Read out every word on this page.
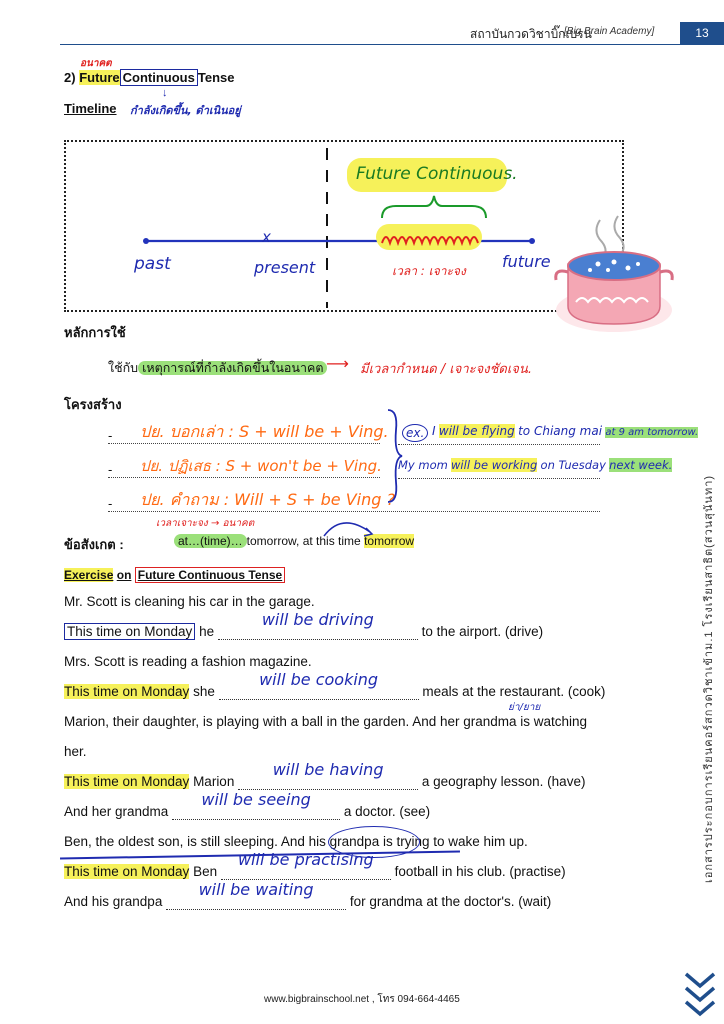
สถาบันกวดวิชาบิ๊กเบรน
[Big Brain Academy]	13
อนาคต
2) Future Continuous Tense
↓
กำลังเกิดขึ้น, ดำเนินอยู่
Timeline
Future Continuous.
x
past	present	เวลา : เจาะจง future
หลักการใช้
ใช้กับ เหตุการณ์ที่กำลังเกิดขึ้นในอนาคต ⟶ มีเวลากำหนด / เจาะจงชัดเจน.
โครงสร้าง
- ปย. บอกเล่า : S + will be + Ving.
- ปย. ปฏิเสธ : S + won't be + Ving.
- ปย. คำถาม : Will + S + be Ving ?
ex. I will be flying to Chiang mai at 9 am tomorrow.
My mom will be working on Tuesday next week.
เวลาเจาะจง → อนาคต
ข้อสังเกต :	at…(time)… tomorrow, at this time tomorrow
Exercise on Future Continuous Tense
Mr. Scott is cleaning his car in the garage.
This time on Monday he
will be driving
to the airport. (drive)
Mrs. Scott is reading a fashion magazine.
This time on Monday she
will be cooking
meals at the restaurant. (cook)
ย่า/ยาย
Marion, their daughter, is playing with a ball in the garden. And her grandma is watching
her.
This time on Monday Marion
will be having
a geography lesson. (have)
And her grandma
will be seeing
a doctor. (see)
Ben, the oldest son, is still sleeping. And his grandpa is trying to wake him up.
This time on Monday Ben
will be practising
football in his club. (practise)
And his grandpa
will be waiting
for grandma at the doctor's. (wait)
เอกสารประกอบการเรียนคอร์สกวดวิชาเข้าม.1 โรงเรียนสาธิต(สวนสุนันทา)
www.bigbrainschool.net , โทร 094-664-4465
